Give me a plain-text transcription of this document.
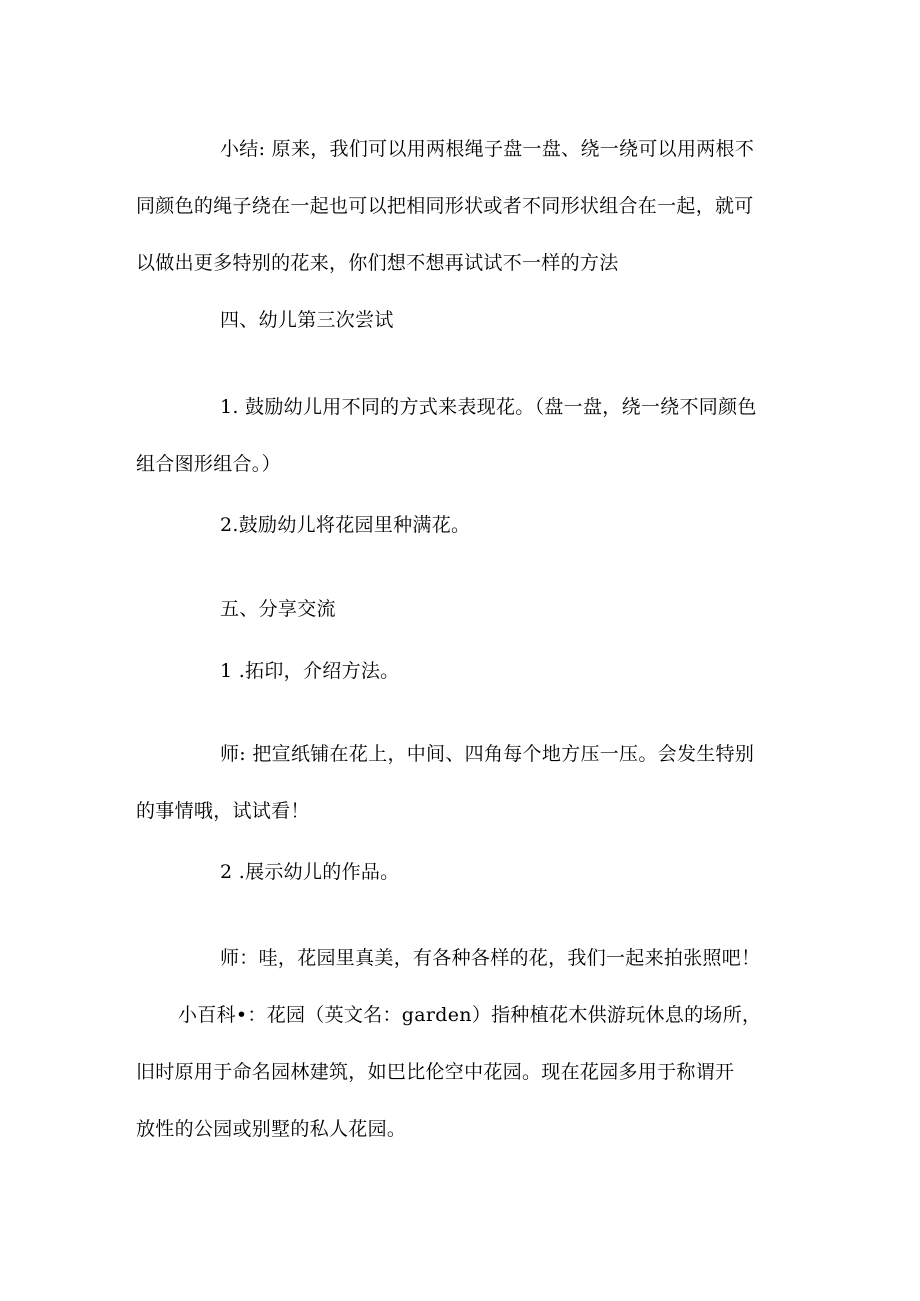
小结: 原来，我们可以用两根绳子盘一盘、绕一绕可以用两根不

同颜色的绳子绕在一起也可以把相同形状或者不同形状组合在一起，就可

以做出更多特别的花来，你们想不想再试试不一样的方法

四、幼儿第三次尝试

1. 鼓励幼儿用不同的方式来表现花。（盘一盘，绕一绕不同颜色

组合图形组合。）

2.鼓励幼儿将花园里种满花。

五、分享交流

1 .拓印，介绍方法。

师: 把宣纸铺在花上，中间、四角每个地方压一压。会发生特别

的事情哦，试试看！

2 .展示幼儿的作品。

师：哇，花园里真美，有各种各样的花，我们一起来拍张照吧！

小百科•：花园（英文名：garden）指种植花木供游玩休息的场所，

旧时原用于命名园林建筑，如巴比伦空中花园。现在花园多用于称谓开

放性的公园或别墅的私人花园。
